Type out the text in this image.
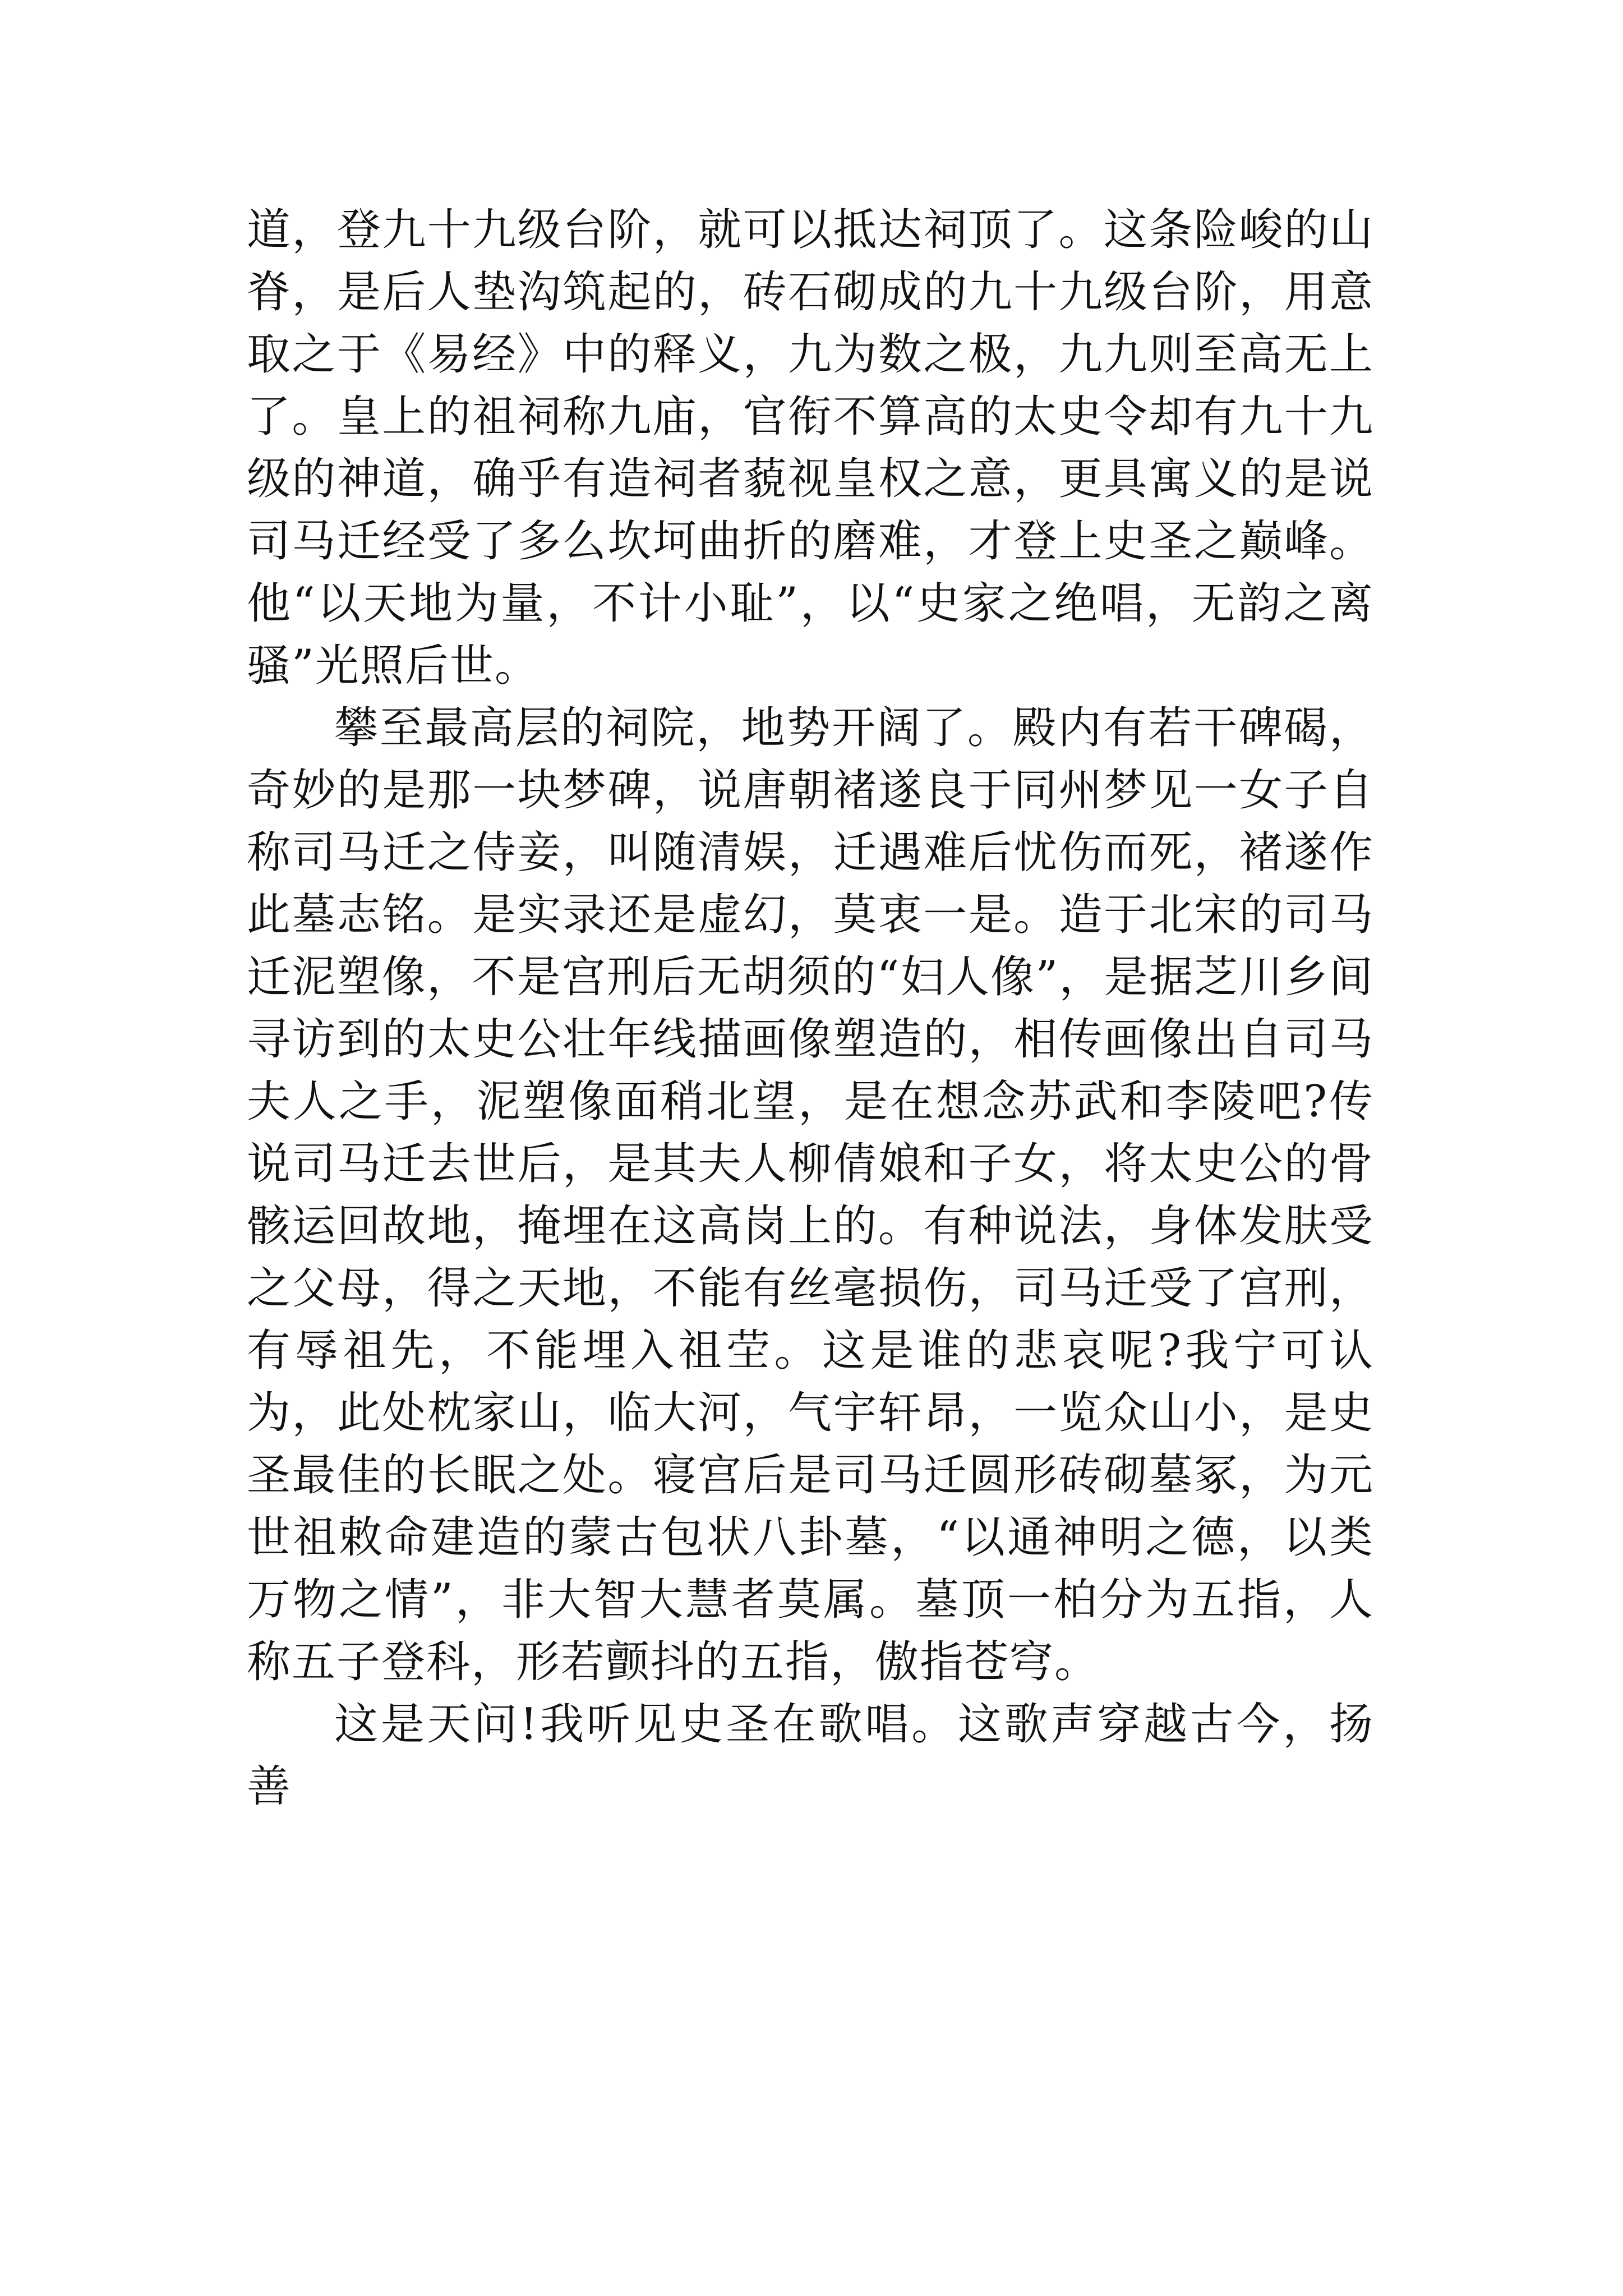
道，登九十九级台阶，就可以抵达祠顶了。这条险峻的山脊，是后人垫沟筑起的，砖石砌成的九十九级台阶，用意取之于《易经》中的释义，九为数之极，九九则至高无上了。皇上的祖祠称九庙，官衔不算高的太史令却有九十九级的神道，确乎有造祠者藐视皇权之意，更具寓义的是说司马迁经受了多么坎坷曲折的磨难，才登上史圣之巅峰。他“以天地为量，不计小耻”，以“史家之绝唱，无韵之离骚”光照后世。

攀至最高层的祠院，地势开阔了。殿内有若干碑碣，奇妙的是那一块梦碑，说唐朝褚遂良于同州梦见一女子自称司马迁之侍妾，叫随清娱，迁遇难后忧伤而死，褚遂作此墓志铭。是实录还是虚幻，莫衷一是。造于北宋的司马迁泥塑像，不是宫刑后无胡须的“妇人像”，是据芝川乡间寻访到的太史公壮年线描画像塑造的，相传画像出自司马夫人之手，泥塑像面稍北望，是在想念苏武和李陵吧?传说司马迁去世后，是其夫人柳倩娘和子女，将太史公的骨骸运回故地，掩埋在这高岗上的。有种说法，身体发肤受之父母，得之天地，不能有丝毫损伤，司马迁受了宫刑，有辱祖先，不能埋入祖茔。这是谁的悲哀呢?我宁可认为，此处枕家山，临大河，气宇轩昂，一览众山小，是史圣最佳的长眠之处。寝宫后是司马迁圆形砖砌墓冢，为元世祖敕命建造的蒙古包状八卦墓，“以通神明之德，以类万物之情”，非大智大慧者莫属。墓顶一柏分为五指，人称五子登科，形若颤抖的五指，傲指苍穹。

这是天问!我听见史圣在歌唱。这歌声穿越古今，扬善
